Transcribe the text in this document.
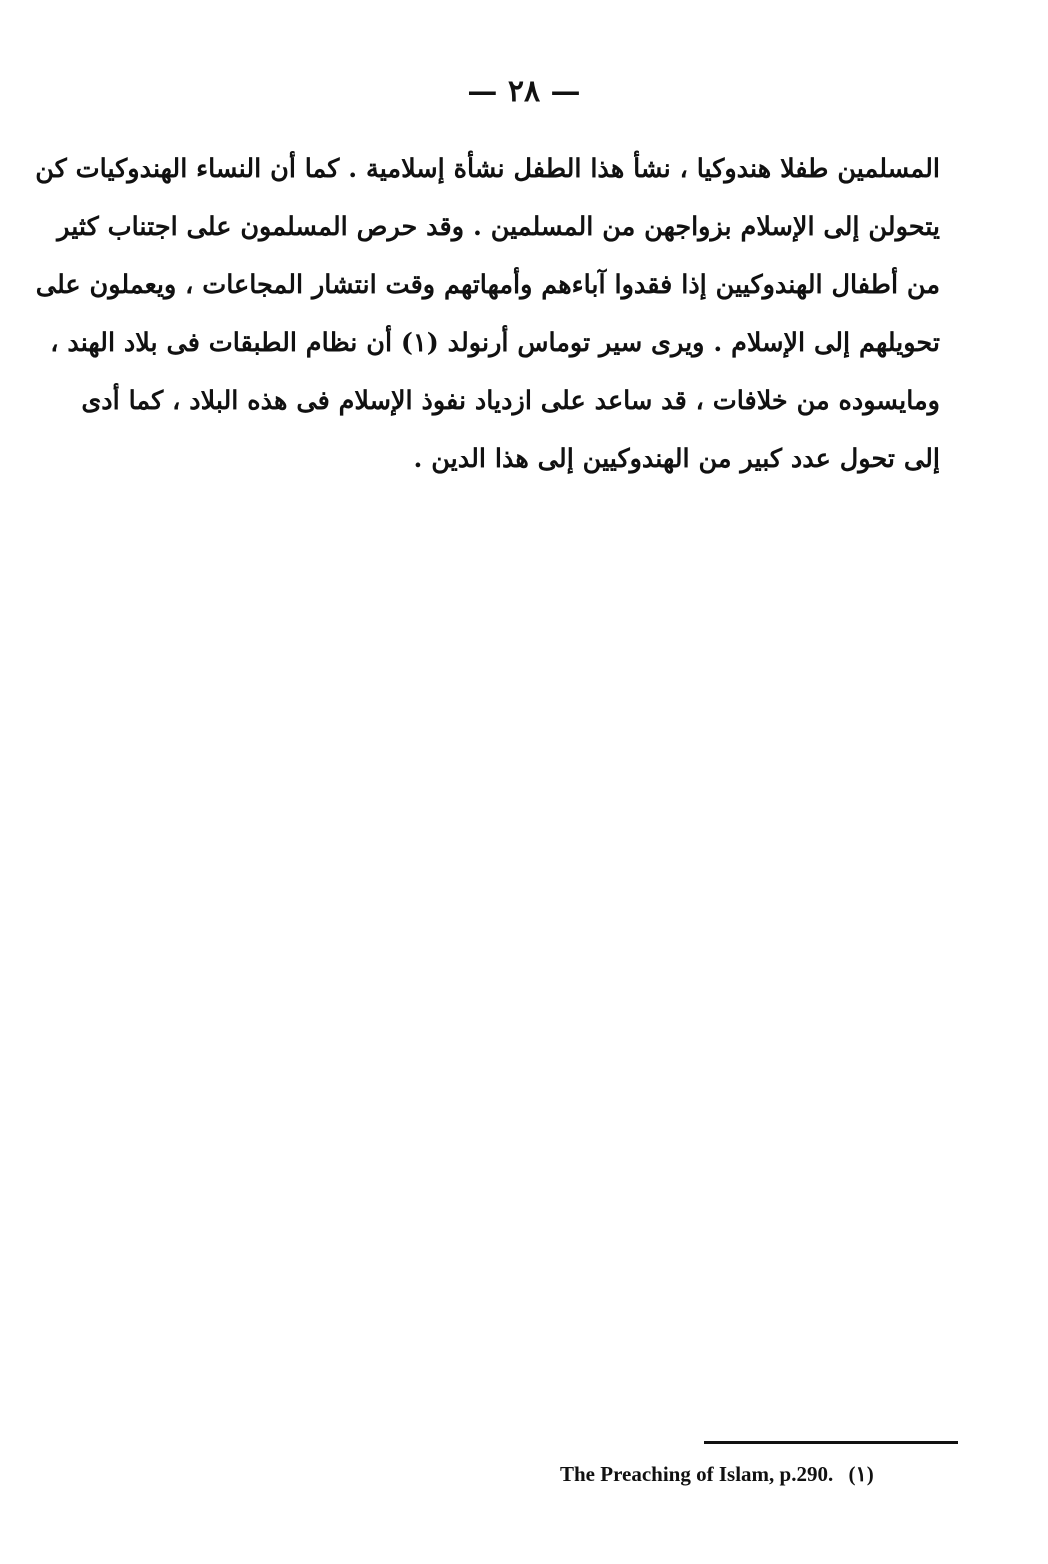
— ٢٨ —
المسلمين طفلا هندوكيا ، نشأ هذا الطفل نشأة إسلامية . كما أن النساء الهندوكيات كن
يتحولن إلى الإسلام بزواجهن من المسلمين . وقد حرص المسلمون على اجتناب كثير
من أطفال الهندوكيين إذا فقدوا آباءهم وأمهاتهم وقت انتشار المجاعات ، ويعملون على
تحويلهم إلى الإسلام . ويرى سير توماس أرنولد (١) أن نظام الطبقات فى بلاد الهند ،
ومايسوده من خلافات ، قد ساعد على ازدياد نفوذ الإسلام فى هذه البلاد ، كما أدى
إلى تحول عدد كبير من الهندوكيين إلى هذا الدين .
The Preaching of Islam, p.290. (١)
